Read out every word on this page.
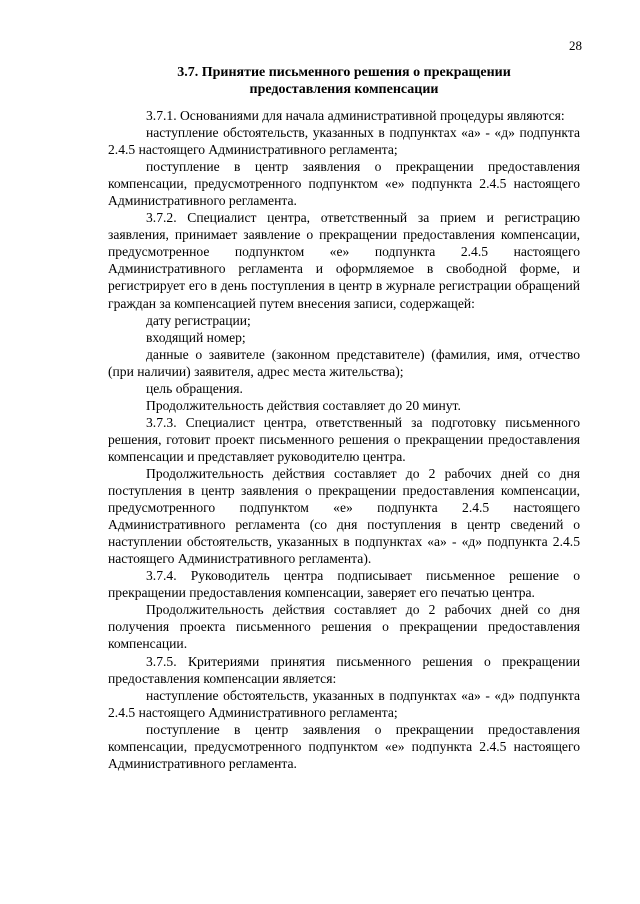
28
3.7. Принятие письменного решения о прекращении
предоставления компенсации

3.7.1. Основаниями для начала административной процедуры являются:

наступление обстоятельств, указанных в подпунктах «а» - «д» подпункта 2.4.5 настоящего Административного регламента;

поступление в центр заявления о прекращении предоставления компенсации, предусмотренного подпунктом «е» подпункта 2.4.5 настоящего Административного регламента.

3.7.2. Специалист центра, ответственный за прием и регистрацию заявления, принимает заявление о прекращении предоставления компенсации, предусмотренное подпунктом «е» подпункта 2.4.5 настоящего Административного регламента и оформляемое в свободной форме, и регистрирует его в день поступления в центр в журнале регистрации обращений граждан за компенсацией путем внесения записи, содержащей:

дату регистрации;

входящий номер;

данные о заявителе (законном представителе) (фамилия, имя, отчество (при наличии) заявителя, адрес места жительства);

цель обращения.

Продолжительность действия составляет до 20 минут.

3.7.3. Специалист центра, ответственный за подготовку письменного решения, готовит проект письменного решения о прекращении предоставления компенсации и представляет руководителю центра.

Продолжительность действия составляет до 2 рабочих дней со дня поступления в центр заявления о прекращении предоставления компенсации, предусмотренного подпунктом «е» подпункта 2.4.5 настоящего Административного регламента (со дня поступления в центр сведений о наступлении обстоятельств, указанных в подпунктах «а» - «д» подпункта 2.4.5 настоящего Административного регламента).

3.7.4. Руководитель центра подписывает письменное решение о прекращении предоставления компенсации, заверяет его печатью центра.

Продолжительность действия составляет до 2 рабочих дней со дня получения проекта письменного решения о прекращении предоставления компенсации.

3.7.5. Критериями принятия письменного решения о прекращении предоставления компенсации является:

наступление обстоятельств, указанных в подпунктах «а» - «д» подпункта 2.4.5 настоящего Административного регламента;

поступление в центр заявления о прекращении предоставления компенсации, предусмотренного подпунктом «е» подпункта 2.4.5 настоящего Административного регламента.
